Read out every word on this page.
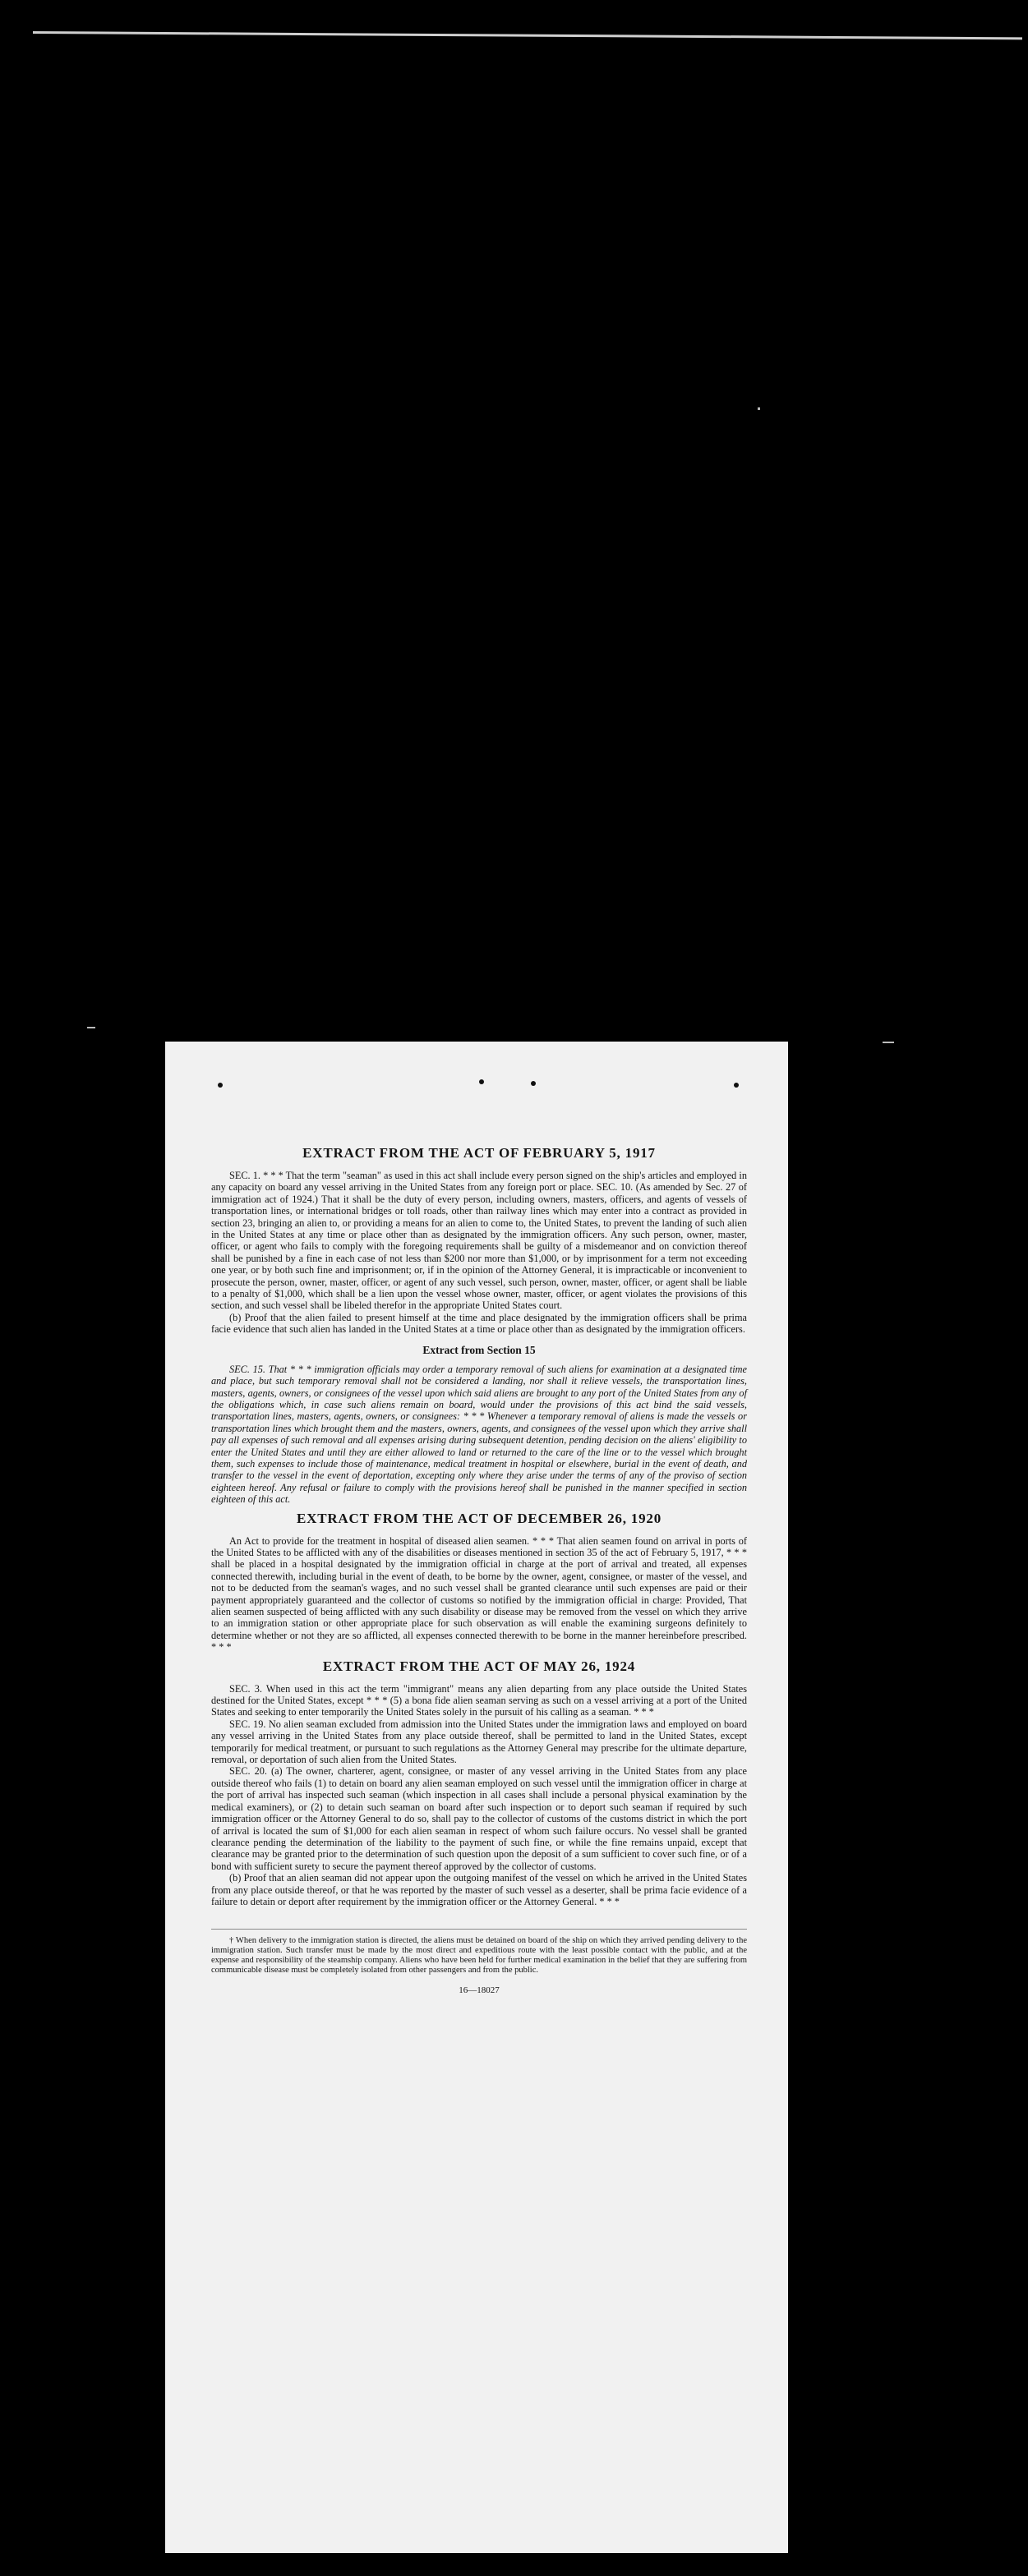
EXTRACT FROM THE ACT OF FEBRUARY 5, 1917

SEC. 1. * * * That the term "seaman" as used in this act shall include every person signed on the ship's articles and employed in any capacity on board any vessel arriving in the United States from any foreign port or place. SEC. 10. (As amended by Sec. 27 of immigration act of 1924.) That it shall be the duty of every person, including owners, masters, officers, and agents of vessels of transportation lines, or international bridges or toll roads, other than railway lines which may enter into a contract as provided in section 23, bringing an alien to, or providing a means for an alien to come to, the United States, to prevent the landing of such alien in the United States at any time or place other than as designated by the immigration officers. Any such person, owner, master, officer, or agent who fails to comply with the foregoing requirements shall be guilty of a misdemeanor and on conviction thereof shall be punished by a fine in each case of not less than $200 nor more than $1,000, or by imprisonment for a term not exceeding one year, or by both such fine and imprisonment; or, if in the opinion of the Attorney General, it is impracticable or inconvenient to prosecute the person, owner, master, officer, or agent of any such vessel, such person, owner, master, officer, or agent shall be liable to a penalty of $1,000, which shall be a lien upon the vessel whose owner, master, officer, or agent violates the provisions of this section, and such vessel shall be libeled therefor in the appropriate United States court.

(b) Proof that the alien failed to present himself at the time and place designated by the immigration officers shall be prima facie evidence that such alien has landed in the United States at a time or place other than as designated by the immigration officers.

Extract from Section 15

SEC. 15. That * * * immigration officials may order a temporary removal of such aliens for examination at a designated time and place, but such temporary removal shall not be considered a landing, nor shall it relieve vessels, the transportation lines, masters, agents, owners, or consignees of the vessel upon which said aliens are brought to any port of the United States from any of the obligations which, in case such aliens remain on board, would under the provisions of this act bind the said vessels, transportation lines, masters, agents, owners, or consignees: * * * Whenever a temporary removal of aliens is made the vessels or transportation lines which brought them and the masters, owners, agents, and consignees of the vessel upon which they arrive shall pay all expenses of such removal and all expenses arising during subsequent detention, pending decision on the aliens' eligibility to enter the United States and until they are either allowed to land or returned to the care of the line or to the vessel which brought them, such expenses to include those of maintenance, medical treatment in hospital or elsewhere, burial in the event of death, and transfer to the vessel in the event of deportation, excepting only where they arise under the terms of any of the proviso of section eighteen hereof. Any refusal or failure to comply with the provisions hereof shall be punished in the manner specified in section eighteen of this act.

EXTRACT FROM THE ACT OF DECEMBER 26, 1920

An Act to provide for the treatment in hospital of diseased alien seamen. * * * That alien seamen found on arrival in ports of the United States to be afflicted with any of the disabilities or diseases mentioned in section 35 of the act of February 5, 1917, * * * shall be placed in a hospital designated by the immigration official in charge at the port of arrival and treated, all expenses connected therewith, including burial in the event of death, to be borne by the owner, agent, consignee, or master of the vessel, and not to be deducted from the seaman's wages, and no such vessel shall be granted clearance until such expenses are paid or their payment appropriately guaranteed and the collector of customs so notified by the immigration official in charge: Provided, That alien seamen suspected of being afflicted with any such disability or disease may be removed from the vessel on which they arrive to an immigration station or other appropriate place for such observation as will enable the examining surgeons definitely to determine whether or not they are so afflicted, all expenses connected therewith to be borne in the manner hereinbefore prescribed. * * *

EXTRACT FROM THE ACT OF MAY 26, 1924

SEC. 3. When used in this act the term "immigrant" means any alien departing from any place outside the United States destined for the United States, except * * * (5) a bona fide alien seaman serving as such on a vessel arriving at a port of the United States and seeking to enter temporarily the United States solely in the pursuit of his calling as a seaman. * * *

SEC. 19. No alien seaman excluded from admission into the United States under the immigration laws and employed on board any vessel arriving in the United States from any place outside thereof, shall be permitted to land in the United States, except temporarily for medical treatment, or pursuant to such regulations as the Attorney General may prescribe for the ultimate departure, removal, or deportation of such alien from the United States.

SEC. 20. (a) The owner, charterer, agent, consignee, or master of any vessel arriving in the United States from any place outside thereof who fails (1) to detain on board any alien seaman employed on such vessel until the immigration officer in charge at the port of arrival has inspected such seaman (which inspection in all cases shall include a personal physical examination by the medical examiners), or (2) to detain such seaman on board after such inspection or to deport such seaman if required by such immigration officer or the Attorney General to do so, shall pay to the collector of customs of the customs district in which the port of arrival is located the sum of $1,000 for each alien seaman in respect of whom such failure occurs. No vessel shall be granted clearance pending the determination of the liability to the payment of such fine, or while the fine remains unpaid, except that clearance may be granted prior to the determination of such question upon the deposit of a sum sufficient to cover such fine, or of a bond with sufficient surety to secure the payment thereof approved by the collector of customs.

(b) Proof that an alien seaman did not appear upon the outgoing manifest of the vessel on which he arrived in the United States from any place outside thereof, or that he was reported by the master of such vessel as a deserter, shall be prima facie evidence of a failure to detain or deport after requirement by the immigration officer or the Attorney General. * * *

† When delivery to the immigration station is directed, the aliens must be detained on board of the ship on which they arrived pending delivery to the immigration station. Such transfer must be made by the most direct and expeditious route with the least possible contact with the public, and at the expense and responsibility of the steamship company. Aliens who have been held for further medical examination in the belief that they are suffering from communicable disease must be completely isolated from other passengers and from the public.

16—18027
